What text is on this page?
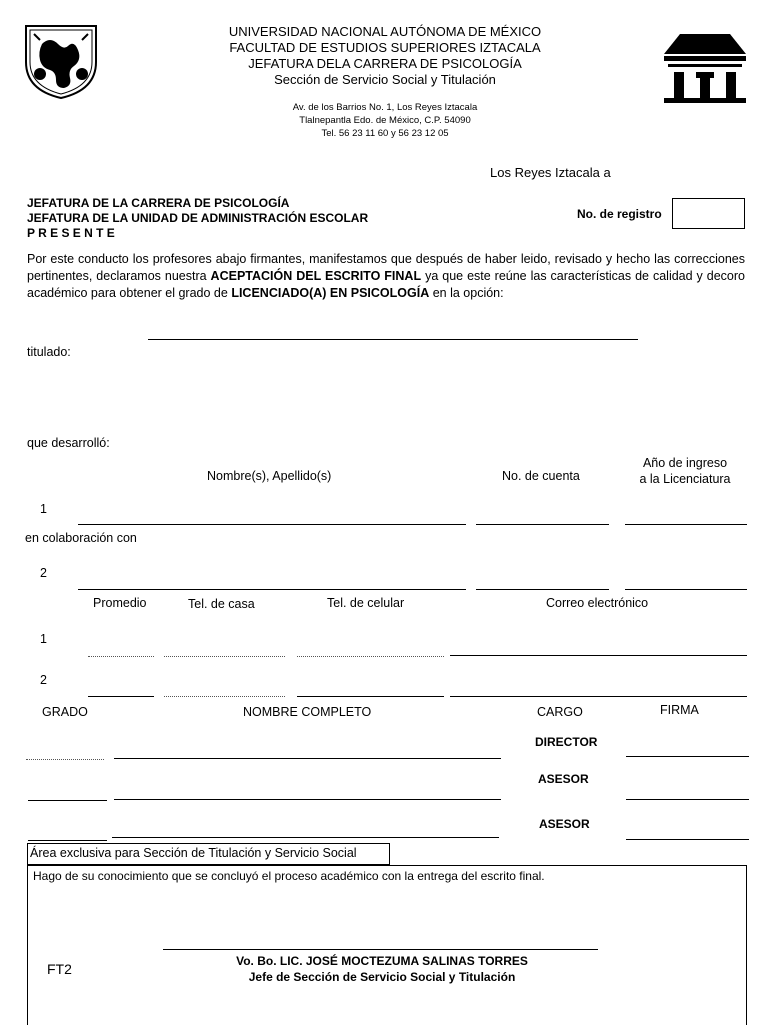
UNIVERSIDAD NACIONAL AUTÓNOMA DE MÉXICO
FACULTAD DE ESTUDIOS SUPERIORES IZTACALA
JEFATURA DELA CARRERA DE PSICOLOGÍA
Sección de Servicio Social y Titulación
Av. de los Barrios No. 1, Los Reyes Iztacala
Tlalnepantla Edo. de México, C.P. 54090
Tel. 56 23 11 60 y 56 23 12 05
Los Reyes Iztacala a
JEFATURA DE LA CARRERA DE PSICOLOGÍA
JEFATURA DE LA UNIDAD DE ADMINISTRACIÓN ESCOLAR
P R E S E N T E
No. de registro
Por este conducto los profesores abajo firmantes, manifestamos que después de haber leido, revisado y hecho las correcciones pertinentes, declaramos nuestra ACEPTACIÓN DEL ESCRITO FINAL ya que este reúne las características de calidad y decoro académico para obtener el grado de LICENCIADO(A) EN PSICOLOGÍA en la opción:
titulado:
que desarrolló:
Nombre(s), Apellido(s)	No. de cuenta
Año de ingreso
a la Licenciatura
1
en colaboración con
2
Promedio	Tel. de casa	Tel. de celular	Correo electrónico
1
2
GRADO	NOMBRE COMPLETO	CARGO	FIRMA
DIRECTOR
ASESOR
ASESOR
Área exclusiva para Sección de Titulación y Servicio Social
Hago de su conocimiento que se concluyó el proceso académico con la entrega del escrito final.
Vo. Bo. LIC. JOSÉ MOCTEZUMA SALINAS TORRES
Jefe de Sección de Servicio Social y Titulación
FT2
